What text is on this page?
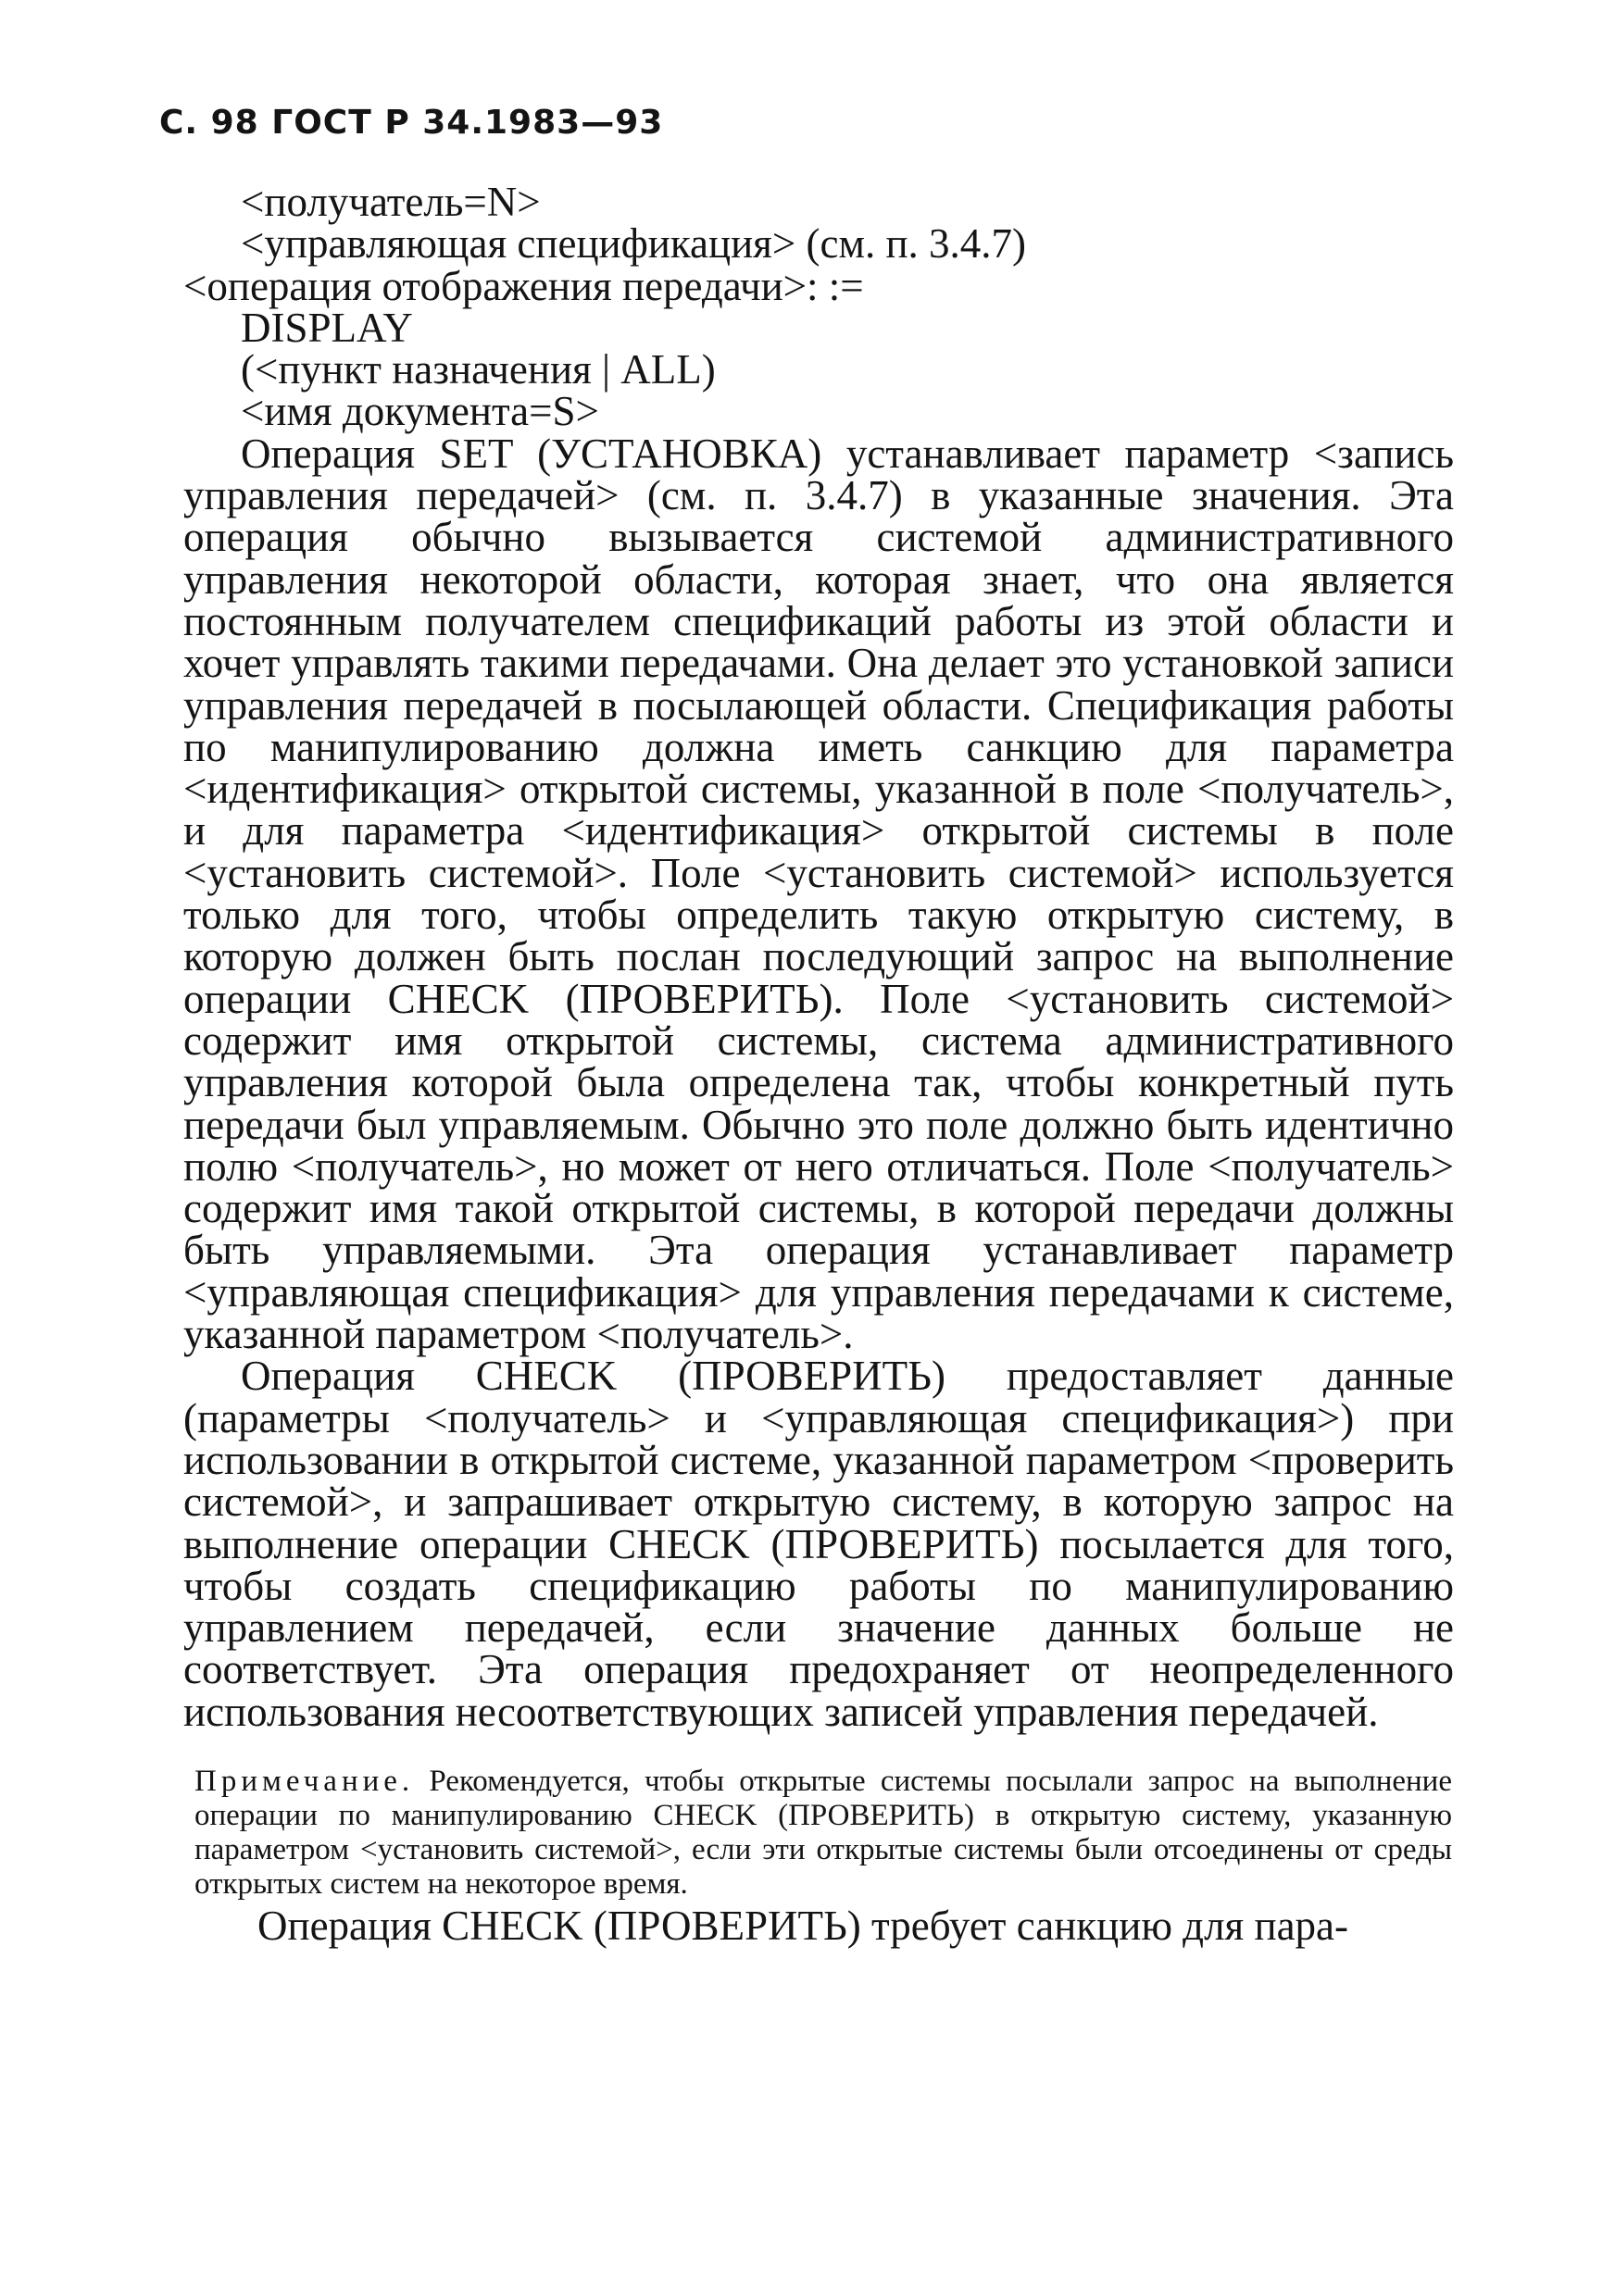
С. 98 ГОСТ Р 34.1983—93

<получатель=N>

<управляющая спецификация> (см. п. 3.4.7)

<операция отображения передачи>: :=

DISPLAY

(<пункт назначения | ALL)

<имя документа=S>

Операция SET (УСТАНОВКА) устанавливает параметр <запись управления передачей> (см. п. 3.4.7) в указанные значения. Эта операция обычно вызывается системой административного управления некоторой области, которая знает, что она является постоянным получателем спецификаций работы из этой области и хочет управлять такими передачами. Она делает это установкой записи управления передачей в посылающей области. Спецификация работы по манипулированию должна иметь санкцию для параметра <идентификация> открытой системы, указанной в поле <получатель>, и для параметра <идентификация> открытой системы в поле <установить системой>. Поле <установить системой> используется только для того, чтобы определить такую открытую систему, в которую должен быть послан последующий запрос на выполнение операции CHECK (ПРОВЕРИТЬ). Поле <установить системой> содержит имя открытой системы, система административного управления которой была определена так, чтобы конкретный путь передачи был управляемым. Обычно это поле должно быть идентично полю <получатель>, но может от него отличаться. Поле <получатель> содержит имя такой открытой системы, в которой передачи должны быть управляемыми. Эта операция устанавливает параметр <управляющая спецификация> для управления передачами к системе, указанной параметром <получатель>.

Операция CHECK (ПРОВЕРИТЬ) предоставляет данные (параметры <получатель> и <управляющая спецификация>) при использовании в открытой системе, указанной параметром <проверить системой>, и запрашивает открытую систему, в которую запрос на выполнение операции CHECK (ПРОВЕРИТЬ) посылается для того, чтобы создать спецификацию работы по манипулированию управлением передачей, если значение данных больше не соответствует. Эта операция предохраняет от неопределенного использования несоответствующих записей управления передачей.

Примечание. Рекомендуется, чтобы открытые системы посылали запрос на выполнение операции по манипулированию CHECK (ПРОВЕРИТЬ) в открытую систему, указанную параметром <установить системой>, если эти открытые системы были отсоединены от среды открытых систем на некоторое время.

Операция CHECK (ПРОВЕРИТЬ) требует санкцию для пара-
